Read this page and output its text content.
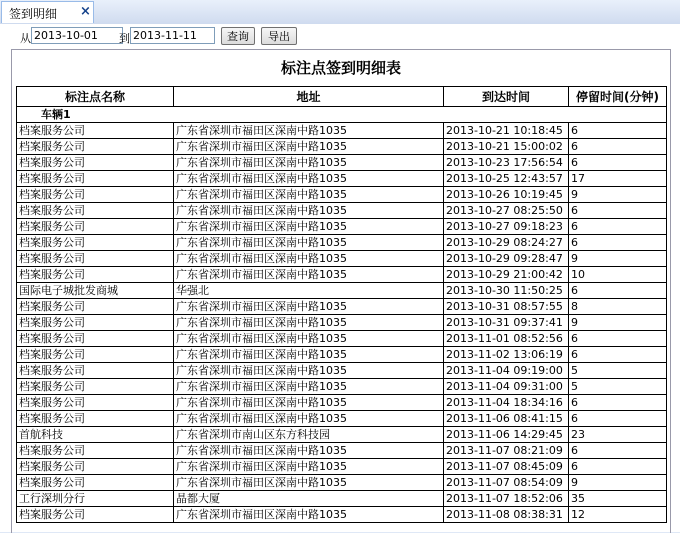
签到明细 ×
从
2013-10-01	到
2013-11-11	查询	导出
标注点签到明细表
标注点名称	地址	到达时间	停留时间(分钟)
车辆1			
档案服务公司	广东省深圳市福田区深南中路1035	2013-10-21 10:18:45	6
档案服务公司	广东省深圳市福田区深南中路1035	2013-10-21 15:00:02	6
档案服务公司	广东省深圳市福田区深南中路1035	2013-10-23 17:56:54	6
档案服务公司	广东省深圳市福田区深南中路1035	2013-10-25 12:43:57	17
档案服务公司	广东省深圳市福田区深南中路1035	2013-10-26 10:19:45	9
档案服务公司	广东省深圳市福田区深南中路1035	2013-10-27 08:25:50	6
档案服务公司	广东省深圳市福田区深南中路1035	2013-10-27 09:18:23	6
档案服务公司	广东省深圳市福田区深南中路1035	2013-10-29 08:24:27	6
档案服务公司	广东省深圳市福田区深南中路1035	2013-10-29 09:28:47	9
档案服务公司	广东省深圳市福田区深南中路1035	2013-10-29 21:00:42	10
国际电子城批发商城	华强北	2013-10-30 11:50:25	6
档案服务公司	广东省深圳市福田区深南中路1035	2013-10-31 08:57:55	8
档案服务公司	广东省深圳市福田区深南中路1035	2013-10-31 09:37:41	9
档案服务公司	广东省深圳市福田区深南中路1035	2013-11-01 08:52:56	6
档案服务公司	广东省深圳市福田区深南中路1035	2013-11-02 13:06:19	6
档案服务公司	广东省深圳市福田区深南中路1035	2013-11-04 09:19:00	5
档案服务公司	广东省深圳市福田区深南中路1035	2013-11-04 09:31:00	5
档案服务公司	广东省深圳市福田区深南中路1035	2013-11-04 18:34:16	6
档案服务公司	广东省深圳市福田区深南中路1035	2013-11-06 08:41:15	6
首航科技	广东省深圳市南山区东方科技园	2013-11-06 14:29:45	23
档案服务公司	广东省深圳市福田区深南中路1035	2013-11-07 08:21:09	6
档案服务公司	广东省深圳市福田区深南中路1035	2013-11-07 08:45:09	6
档案服务公司	广东省深圳市福田区深南中路1035	2013-11-07 08:54:09	9
工行深圳分行	晶都大厦	2013-11-07 18:52:06	35
档案服务公司	广东省深圳市福田区深南中路1035	2013-11-08 08:38:31	12
